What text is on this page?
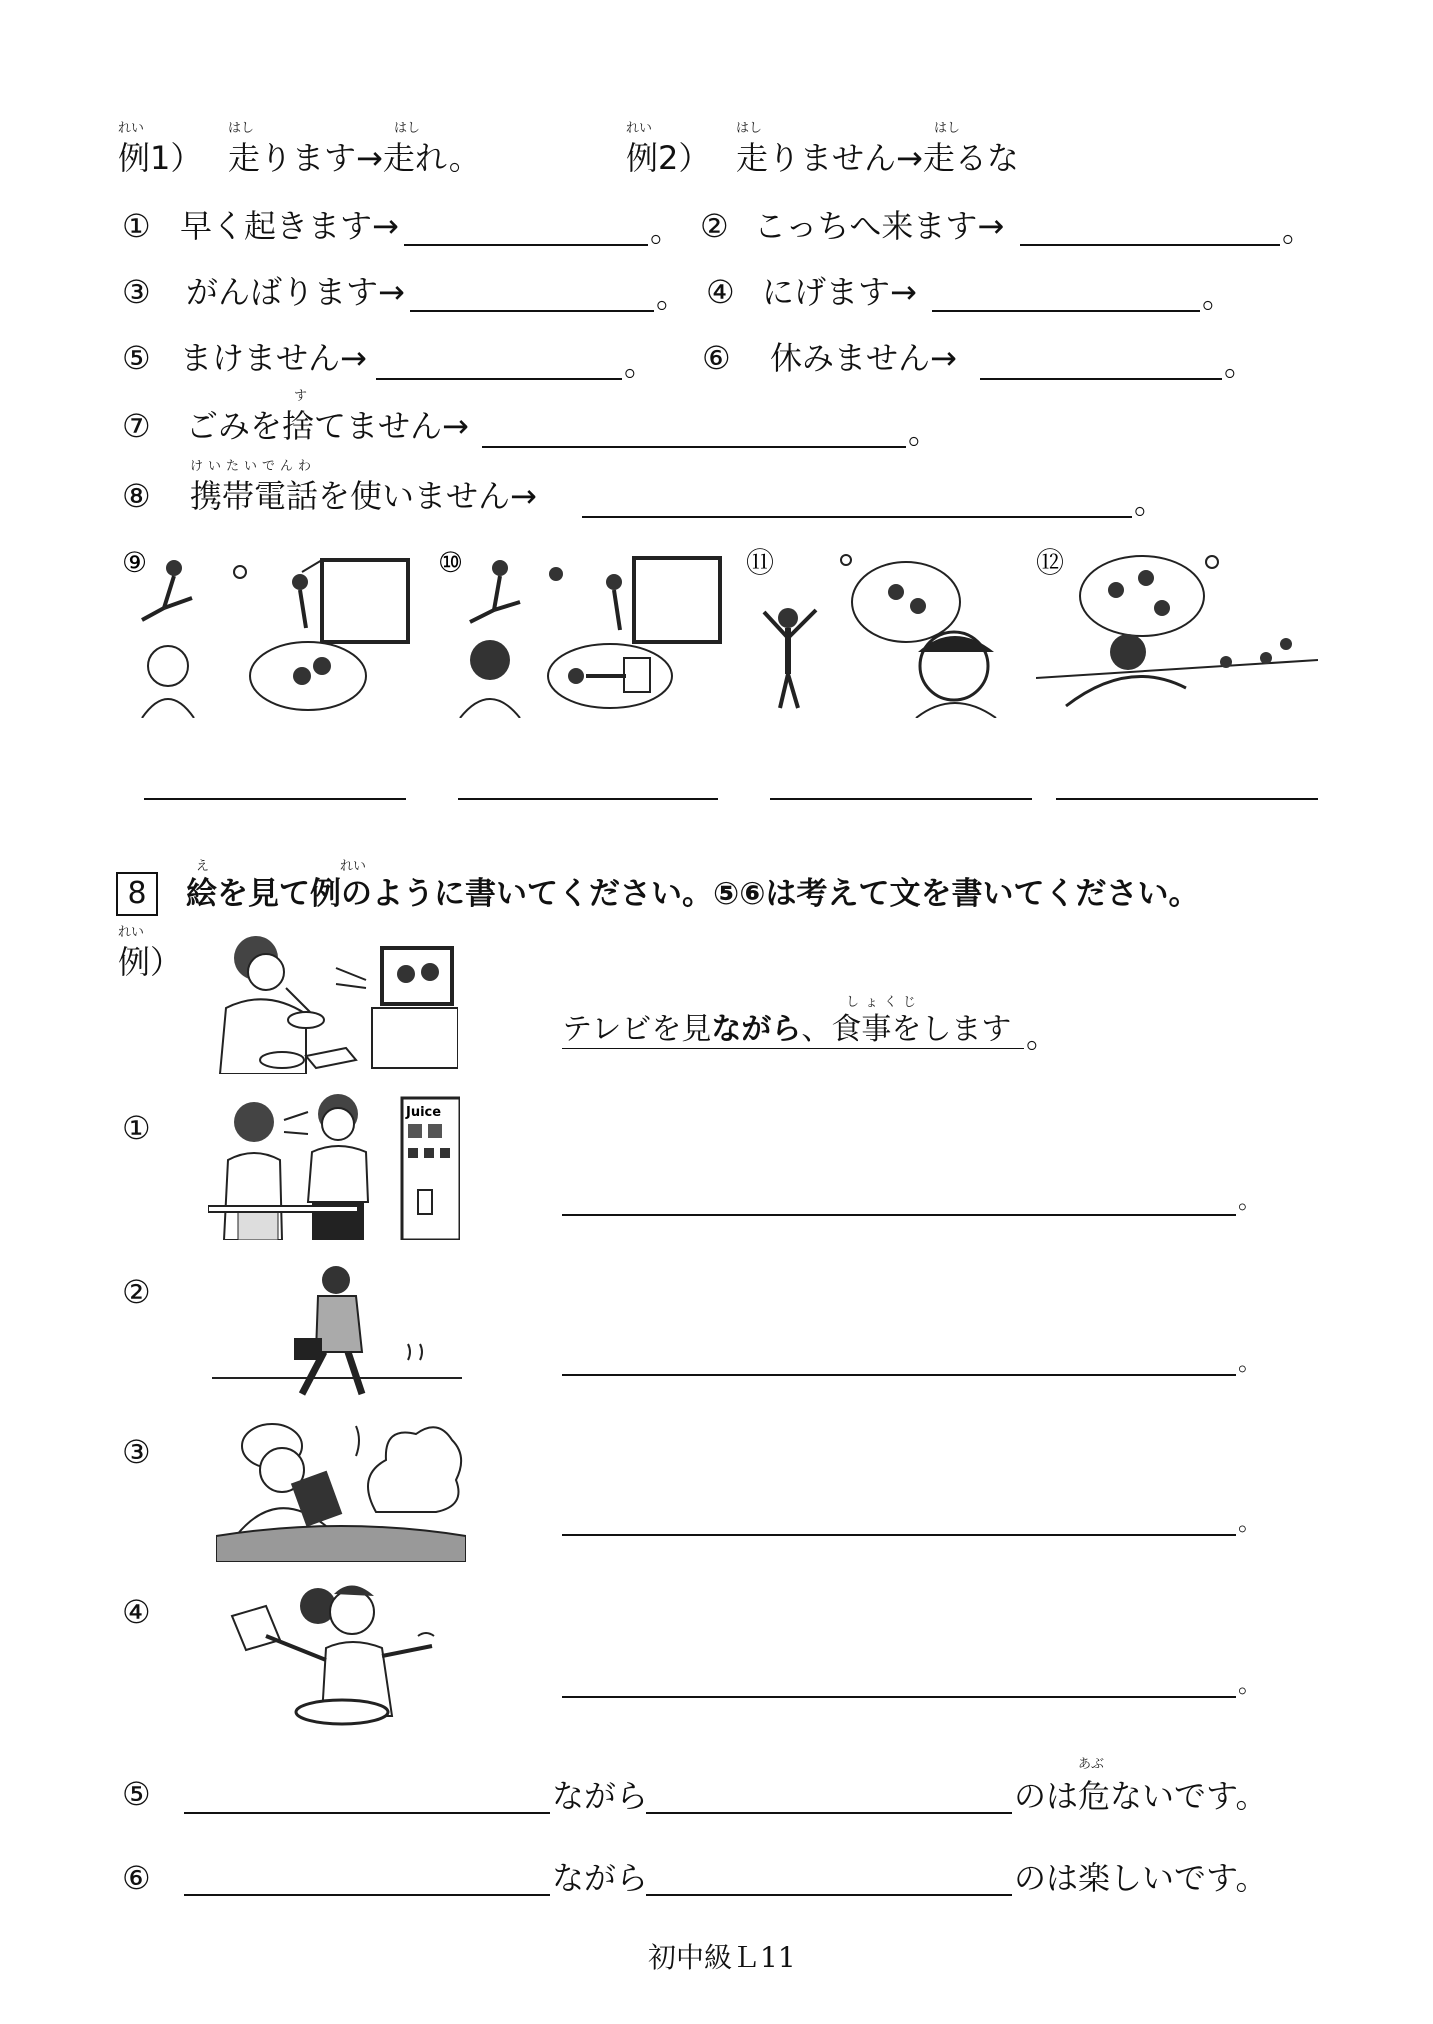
れい	はし	はし
例1） 走ります→走れ。
れい	はし	はし
例2） 走りません→走るな
① 早く起きます→	。 ② こっちへ来ます→	。
③ がんばります→	。 ④ にげます→	。
⑤ まけません→	。 ⑥ 休みません→	。
す
⑦ ごみを捨てません→	。
けいたいでんわ
⑧ 携帯電話を使いません→	。
⑨	⑩	⑪	⑫
8
え	れい
絵を見て例のように書いてください。⑤⑥は考えて文を書いてください。
れい
例）
しょくじ
テレビを見ながら、食事をします 。
①	Juice
。
②
。
③
。
④
。
あぶ
⑤	ながら	のは危ないです。
⑥	ながら	のは楽しいです。
初中級Ｌ11
